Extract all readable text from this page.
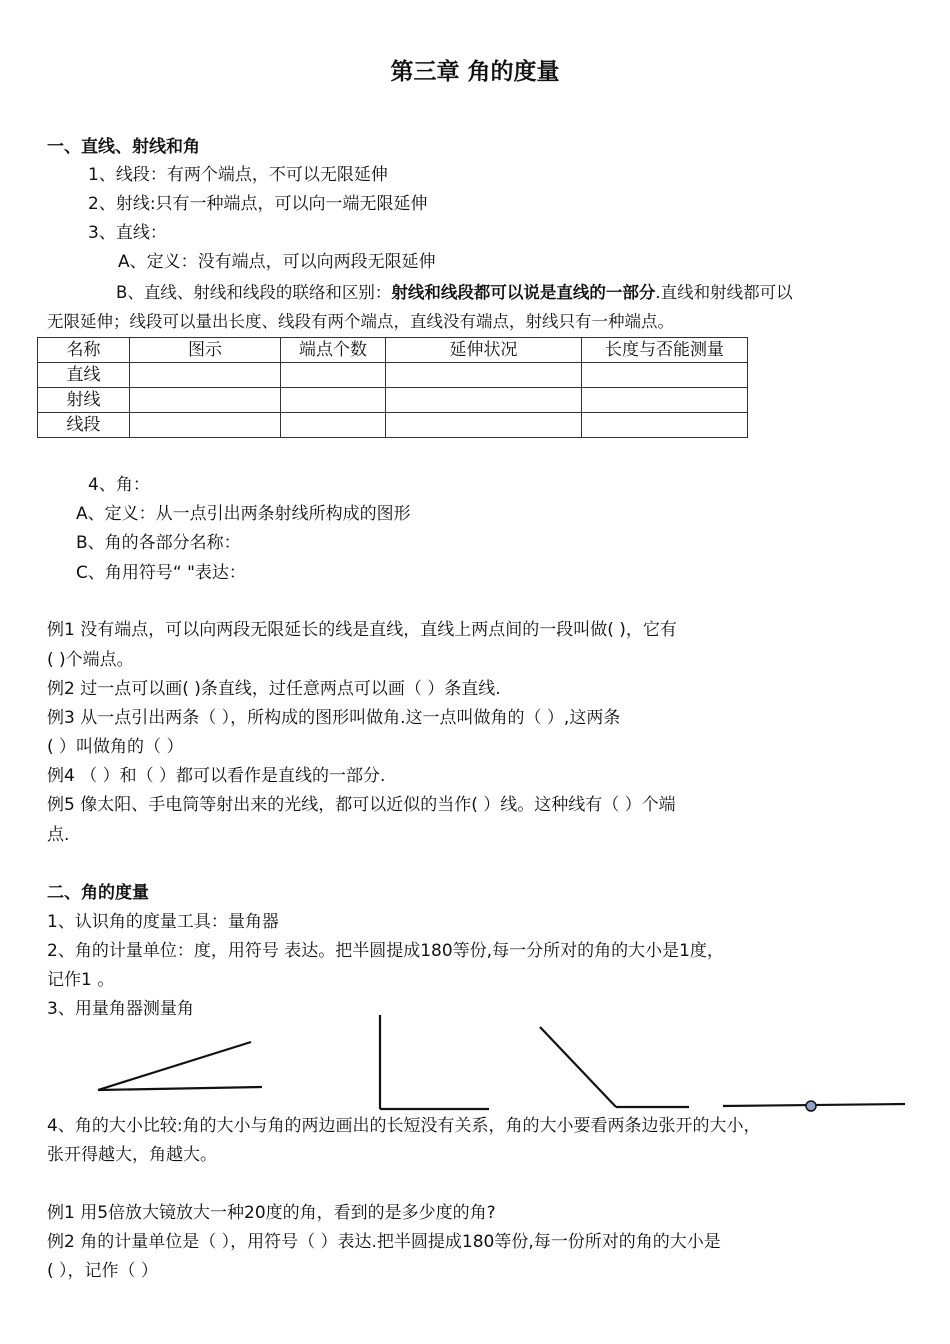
第三章 角的度量
一、直线、射线和角
1、线段：有两个端点，不可以无限延伸
2、射线:只有一种端点，可以向一端无限延伸
3、直线：
A、定义：没有端点，可以向两段无限延伸
B、直线、射线和线段的联络和区别：射线和线段都可以说是直线的一部分.直线和射线都可以
无限延伸；线段可以量出长度、线段有两个端点，直线没有端点，射线只有一种端点。
名称	图示	端点个数	延伸状况	长度与否能测量
直线				
射线				
线段				
4、角：
A、定义：从一点引出两条射线所构成的图形
B、角的各部分名称：
C、角用符号“ "表达：
例1 没有端点，可以向两段无限延长的线是直线，直线上两点间的一段叫做( )，它有
( )个端点。
例2 过一点可以画( )条直线，过任意两点可以画（ ）条直线.
例3 从一点引出两条（ ），所构成的图形叫做角.这一点叫做角的（ ）,这两条
( ）叫做角的（ ）
例4 （ ）和（ ）都可以看作是直线的一部分.
例5 像太阳、手电筒等射出来的光线，都可以近似的当作( ）线。这种线有（ ）个端
点.
二、角的度量
1、认识角的度量工具：量角器
2、角的计量单位：度，用符号 表达。把半圆提成180等份,每一分所对的角的大小是1度，
记作1 。
3、用量角器测量角
4、角的大小比较:角的大小与角的两边画出的长短没有关系，角的大小要看两条边张开的大小，
张开得越大，角越大。
例1 用5倍放大镜放大一种20度的角，看到的是多少度的角?
例2 角的计量单位是（ ），用符号（ ）表达.把半圆提成180等份,每一份所对的角的大小是
( ），记作（ ）
